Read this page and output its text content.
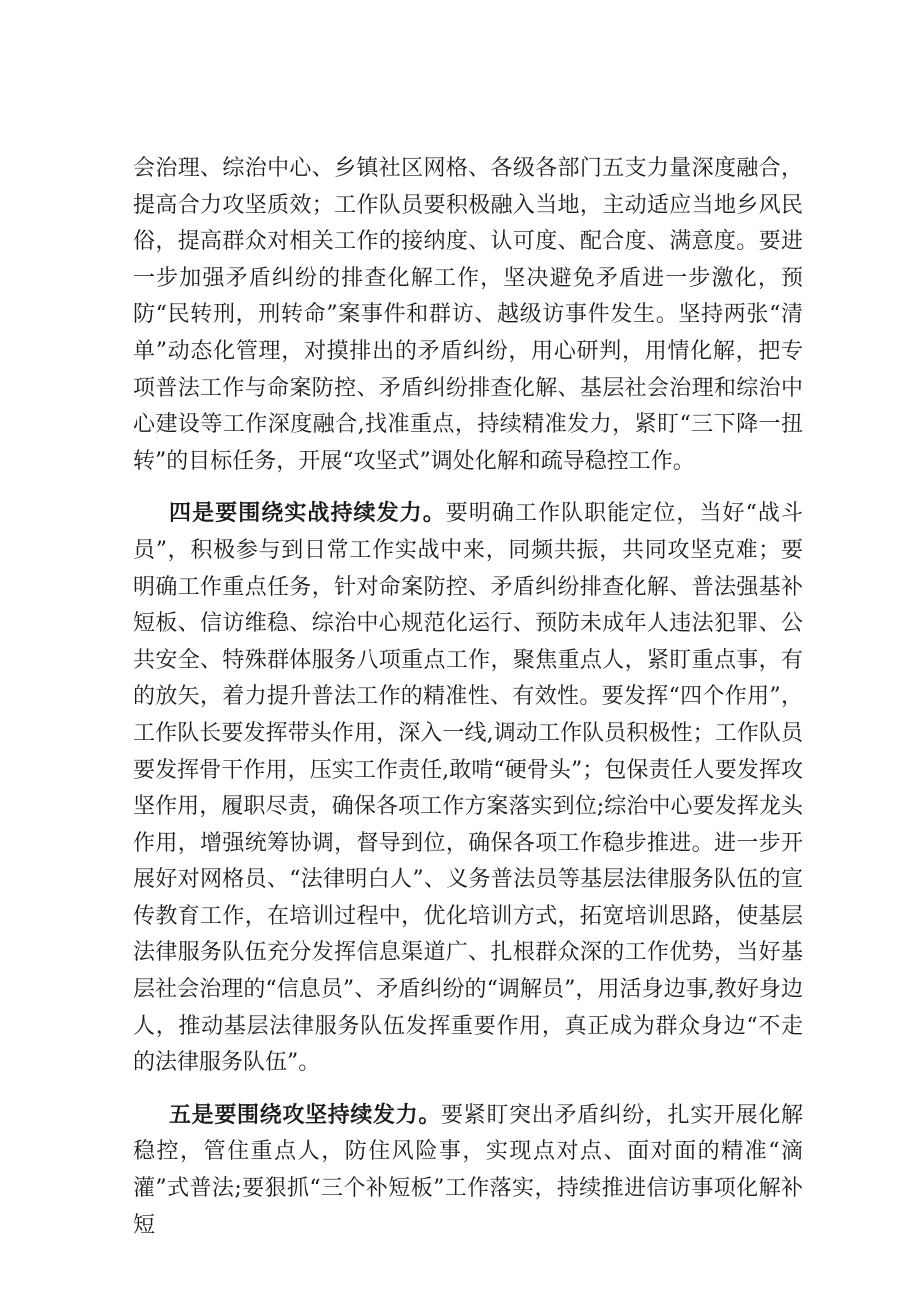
会治理、综治中心、乡镇社区网格、各级各部门五支力量深度融合，提高合力攻坚质效；工作队员要积极融入当地，主动适应当地乡风民俗，提高群众对相关工作的接纳度、认可度、配合度、满意度。要进一步加强矛盾纠纷的排查化解工作，坚决避免矛盾进一步激化，预防“民转刑，刑转命”案事件和群访、越级访事件发生。坚持两张“清单”动态化管理，对摸排出的矛盾纠纷，用心研判，用情化解，把专项普法工作与命案防控、矛盾纠纷排查化解、基层社会治理和综治中心建设等工作深度融合,找准重点，持续精准发力，紧盯“三下降一扭转”的目标任务，开展“攻坚式”调处化解和疏导稳控工作。

四是要围绕实战持续发力。要明确工作队职能定位，当好“战斗员”，积极参与到日常工作实战中来，同频共振，共同攻坚克难；要明确工作重点任务，针对命案防控、矛盾纠纷排查化解、普法强基补短板、信访维稳、综治中心规范化运行、预防未成年人违法犯罪、公共安全、特殊群体服务八项重点工作，聚焦重点人，紧盯重点事，有的放矢，着力提升普法工作的精准性、有效性。要发挥“四个作用”，工作队长要发挥带头作用，深入一线,调动工作队员积极性；工作队员要发挥骨干作用，压实工作责任,敢啃“硬骨头”；包保责任人要发挥攻坚作用，履职尽责，确保各项工作方案落实到位;综治中心要发挥龙头作用，增强统筹协调，督导到位，确保各项工作稳步推进。进一步开展好对网格员、“法律明白人”、义务普法员等基层法律服务队伍的宣传教育工作，在培训过程中，优化培训方式，拓宽培训思路，使基层法律服务队伍充分发挥信息渠道广、扎根群众深的工作优势，当好基层社会治理的“信息员”、矛盾纠纷的“调解员”，用活身边事,教好身边人，推动基层法律服务队伍发挥重要作用，真正成为群众身边“不走的法律服务队伍”。

五是要围绕攻坚持续发力。要紧盯突出矛盾纠纷，扎实开展化解稳控，管住重点人，防住风险事，实现点对点、面对面的精准“滴灌”式普法;要狠抓“三个补短板”工作落实，持续推进信访事项化解补短
